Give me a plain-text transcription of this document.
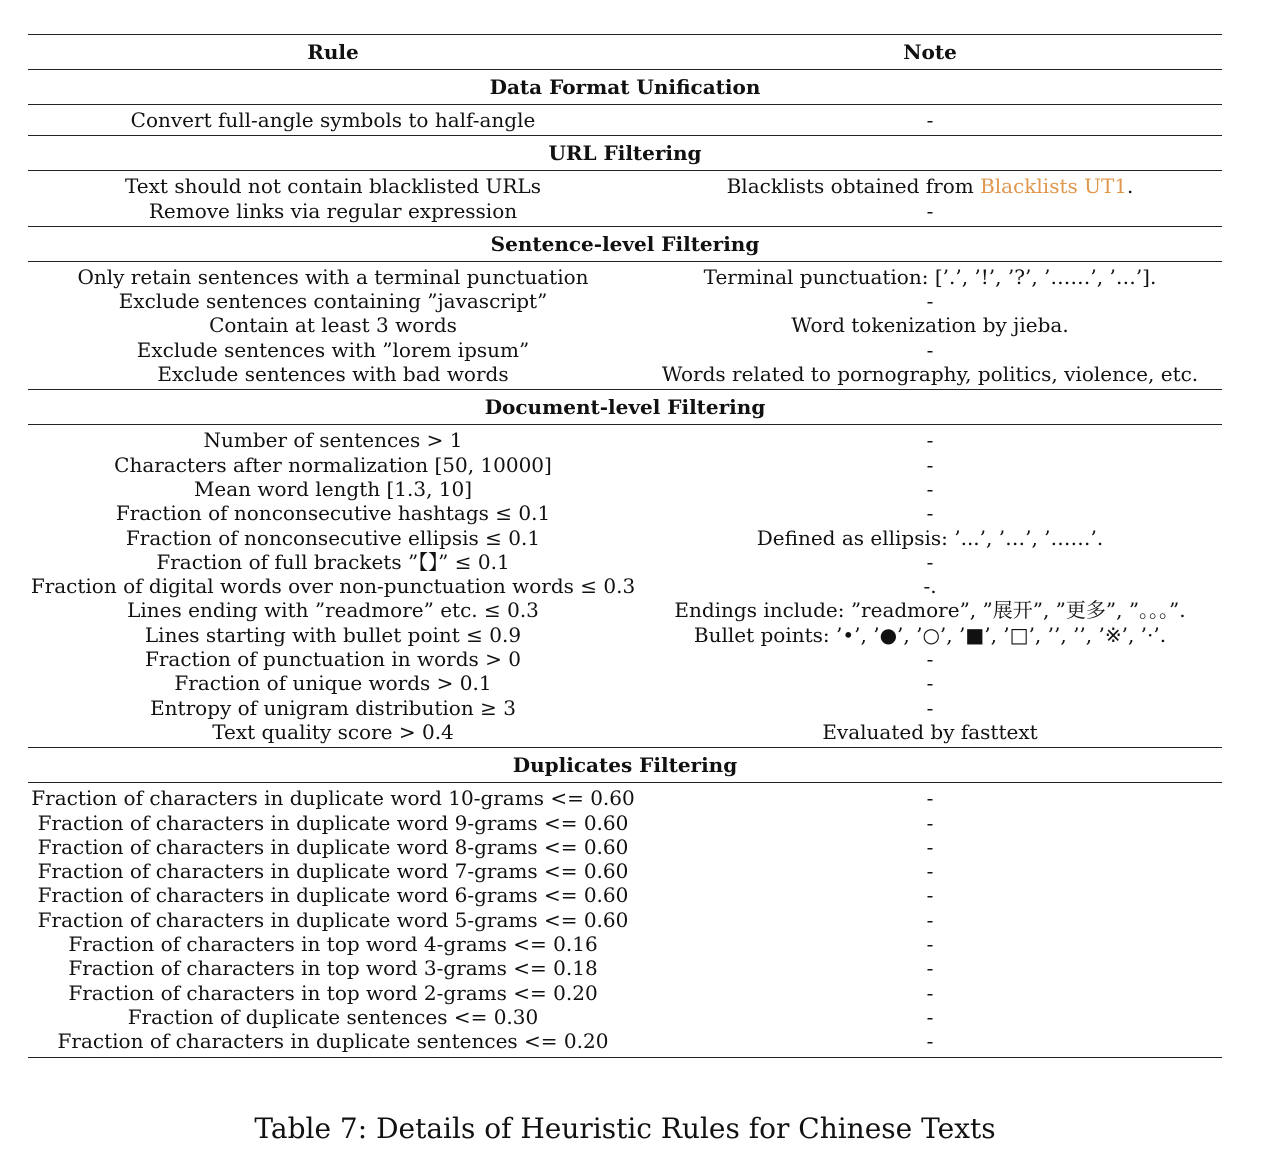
Rule	Note
Data Format Unification	
Convert full-angle symbols to half-angle	-
URL Filtering	
Text should not contain blacklisted URLs	Blacklists obtained from Blacklists UT1.
Remove links via regular expression	-
Sentence-level Filtering	
Only retain sentences with a terminal punctuation	Terminal punctuation: [’.’, ’!’, ’?’, ’……’, ’…’].
Exclude sentences containing ”javascript”	-
Contain at least 3 words	Word tokenization by jieba.
Exclude sentences with ”lorem ipsum”	-
Exclude sentences with bad words	Words related to pornography, politics, violence, etc.
Document-level Filtering	
Number of sentences > 1	-
Characters after normalization [50, 10000]	-
Mean word length [1.3, 10]	-
Fraction of nonconsecutive hashtags ≤ 0.1	-
Fraction of nonconsecutive ellipsis ≤ 0.1	Defined as ellipsis: ’...’, ’…’, ’……’.
Fraction of full brackets ”【】” ≤ 0.1	-
Fraction of digital words over non-punctuation words ≤ 0.3	-.
Lines ending with ”readmore” etc. ≤ 0.3	Endings include: ”readmore”, ”展开”, ”更多”, ”。。。”.
Lines starting with bullet point ≤ 0.9	Bullet points: ’•’, ’●’, ’○’, ’■’, ’□’, ’’, ’’, ’※’, ’·’.
Fraction of punctuation in words > 0	-
Fraction of unique words > 0.1	-
Entropy of unigram distribution ≥ 3	-
Text quality score > 0.4	Evaluated by fasttext
Duplicates Filtering	
Fraction of characters in duplicate word 10-grams <= 0.60	-
Fraction of characters in duplicate word 9-grams <= 0.60	-
Fraction of characters in duplicate word 8-grams <= 0.60	-
Fraction of characters in duplicate word 7-grams <= 0.60	-
Fraction of characters in duplicate word 6-grams <= 0.60	-
Fraction of characters in duplicate word 5-grams <= 0.60	-
Fraction of characters in top word 4-grams <= 0.16	-
Fraction of characters in top word 3-grams <= 0.18	-
Fraction of characters in top word 2-grams <= 0.20	-
Fraction of duplicate sentences <= 0.30	-
Fraction of characters in duplicate sentences <= 0.20	-
Table 7: Details of Heuristic Rules for Chinese Texts
